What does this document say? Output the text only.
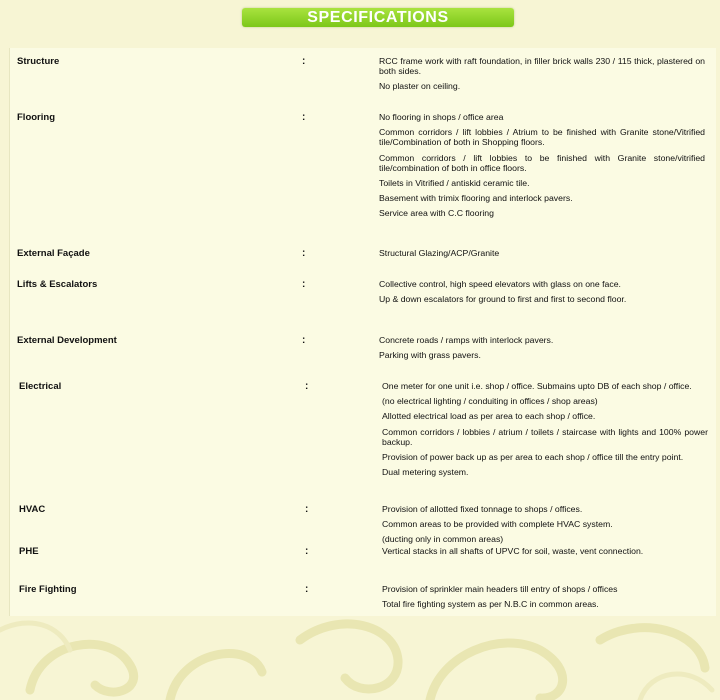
SPECIFICATIONS
Structure	:	RCC frame work with raft foundation, in filler brick walls 230 / 115 thick, plastered on both sides.

No plaster on ceiling.

Flooring	:	No flooring in shops / office area

Common corridors / lift lobbies / Atrium to be finished with Granite stone/Vitrified tile/Combination of both in Shopping floors.

Common corridors / lift lobbies to be finished with Granite stone/vitrified tile/combination of both in office floors.

Toilets in Vitrified / antiskid ceramic tile.

Basement with trimix flooring and interlock pavers.

Service area with C.C flooring

External Façade	:	Structural Glazing/ACP/Granite

Lifts & Escalators	:	Collective control, high speed elevators with glass on one face.

Up & down escalators for ground to first and first to second floor.

External Development	:	Concrete roads / ramps with interlock pavers.

Parking with grass pavers.

Electrical	:	One meter for one unit i.e. shop / office. Submains upto DB of each shop / office.

(no electrical lighting / conduiting in offices / shop areas)

Allotted electrical load as per area to each shop / office.

Common corridors / lobbies / atrium / toilets / staircase with lights and 100% power backup.

Provision of power back up as per area to each shop / office till the entry point.

Dual metering system.

HVAC	:	Provision of allotted fixed tonnage to shops / offices.

Common areas to be provided with complete HVAC system.

(ducting only in common areas)

PHE	:	Vertical stacks in all shafts of UPVC for soil, waste, vent connection.

Fire Fighting	:	Provision of sprinkler main headers till entry of shops / offices

Total fire fighting system as per N.B.C in common areas.
